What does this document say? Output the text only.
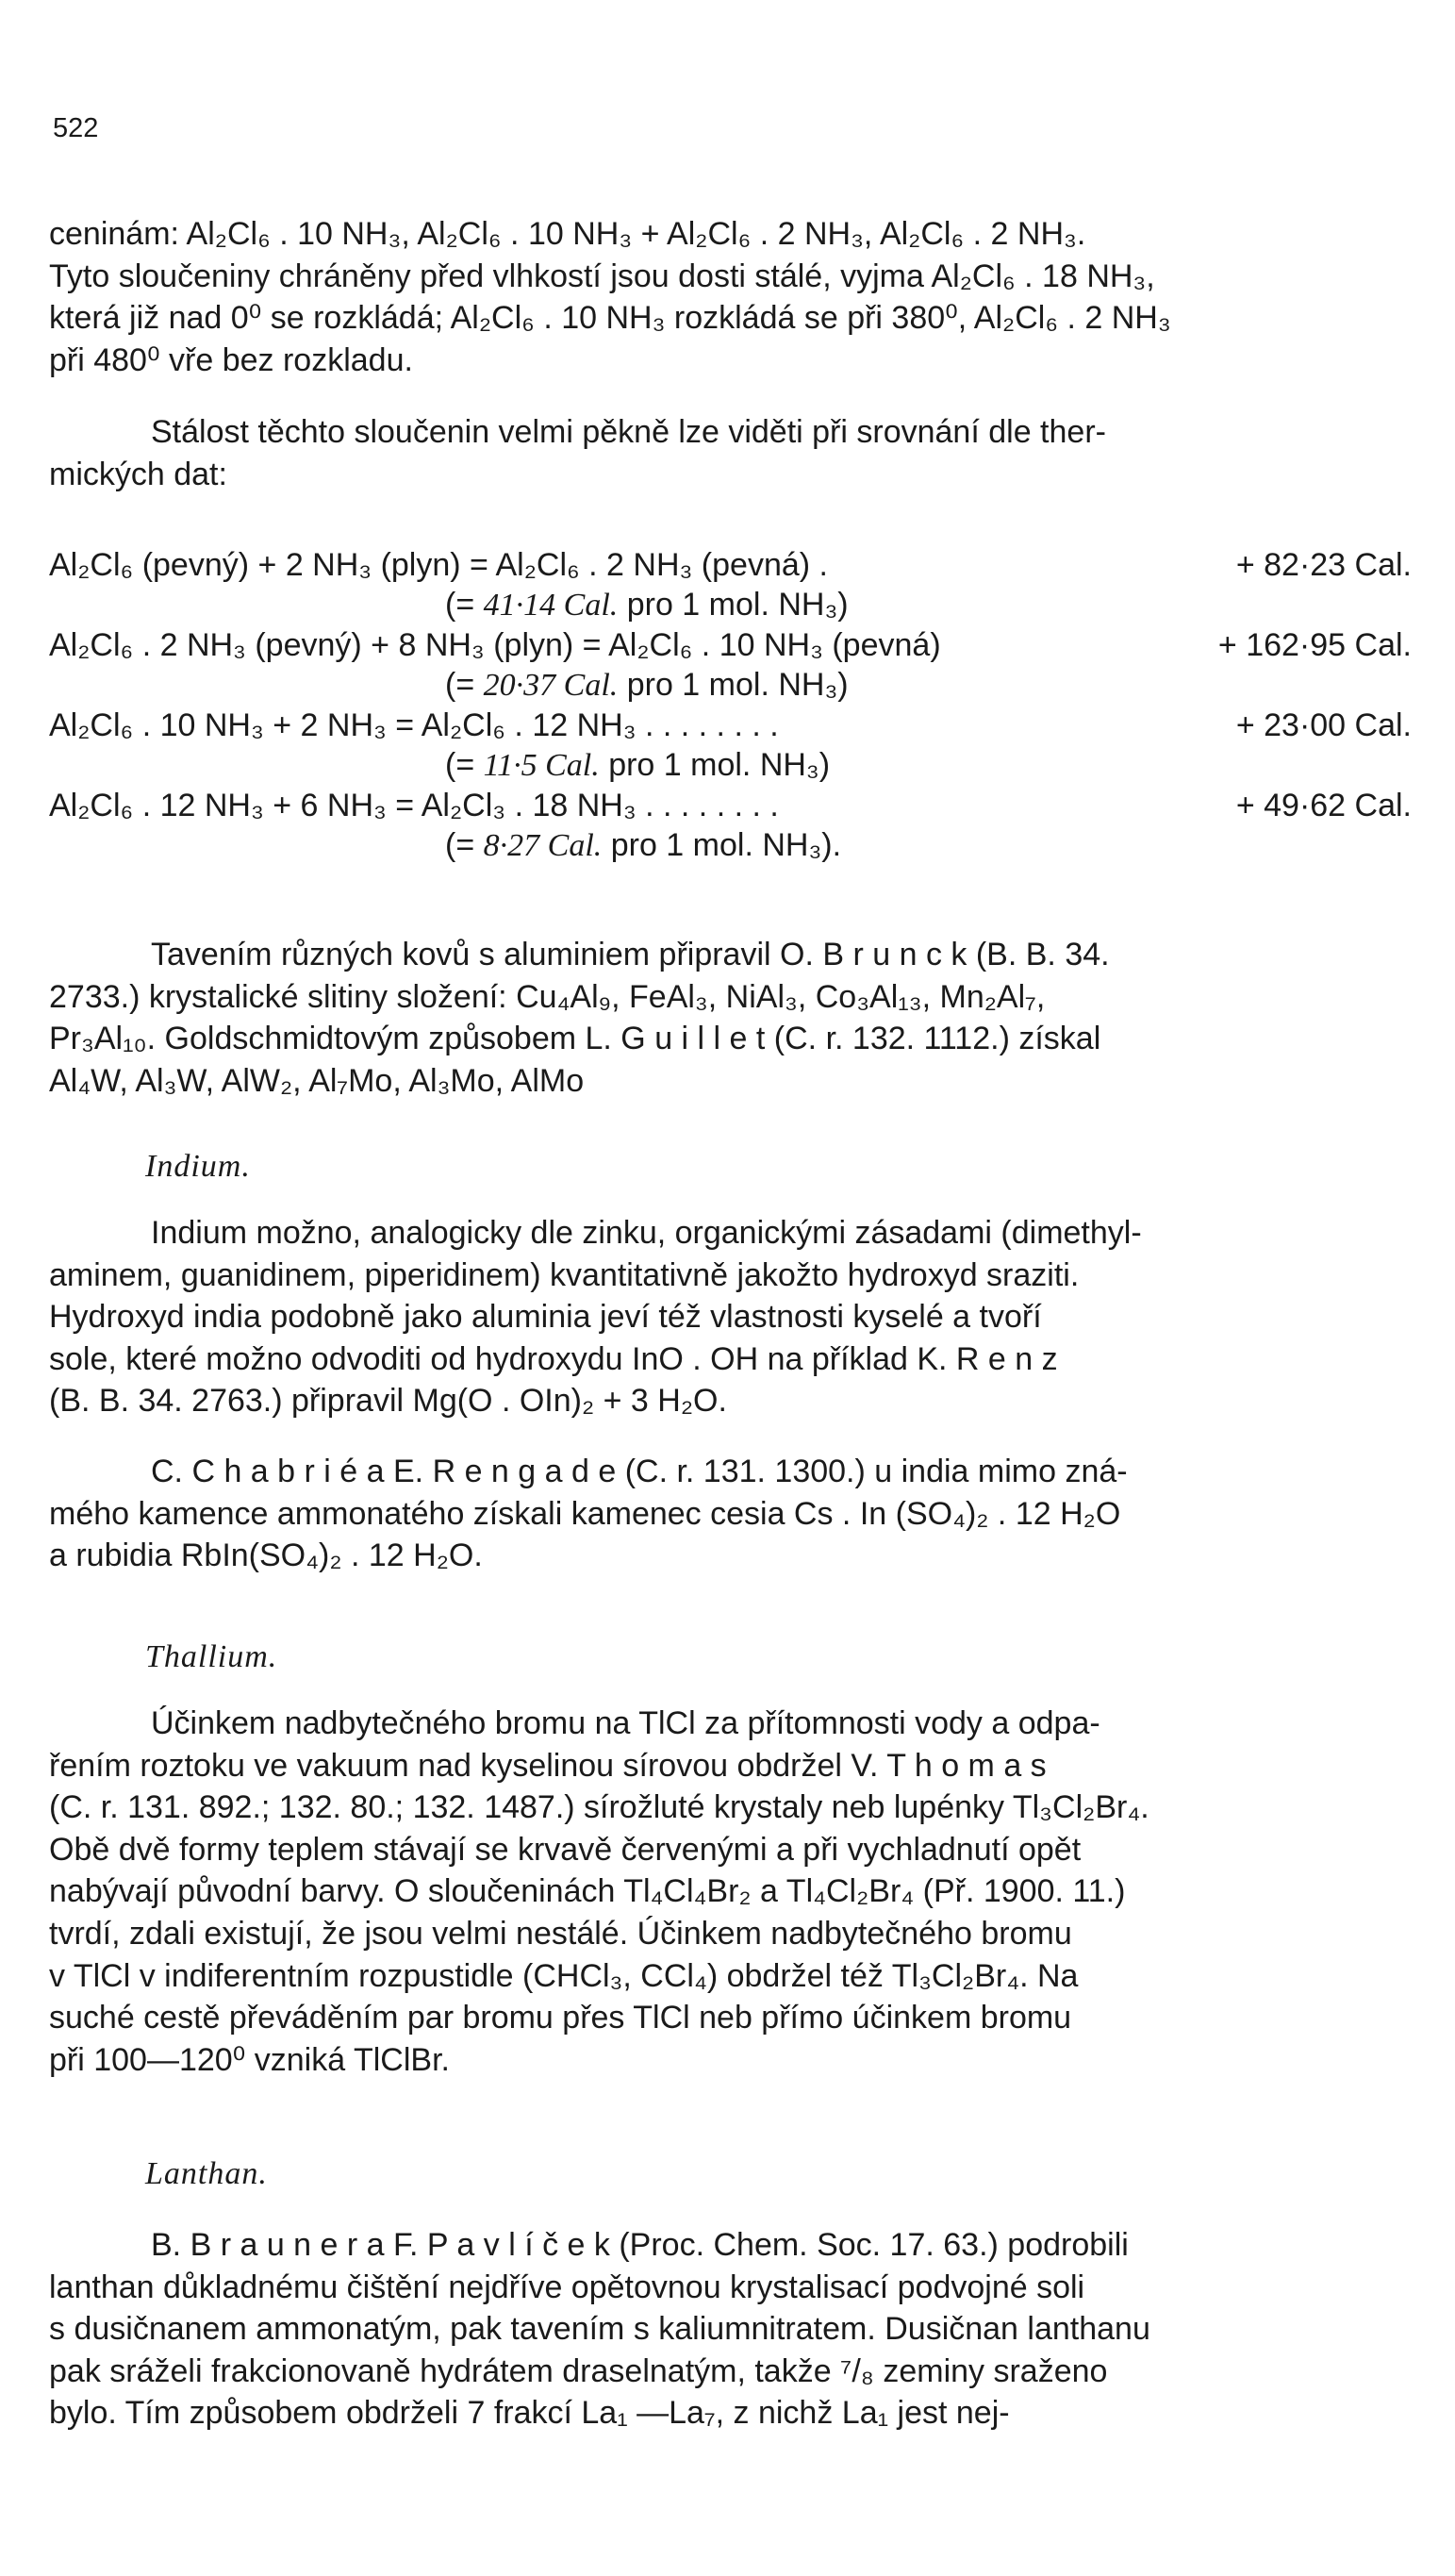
522

ceninám: Al₂Cl₆ . 10 NH₃, Al₂Cl₆ . 10 NH₃ + Al₂Cl₆ . 2 NH₃, Al₂Cl₆ . 2 NH₃.
Tyto sloučeniny chráněny před vlhkostí jsou dosti stálé, vyjma Al₂Cl₆ . 18 NH₃,
která již nad 0⁰ se rozkládá; Al₂Cl₆ . 10 NH₃ rozkládá se při 380⁰, Al₂Cl₆ . 2 NH₃
při 480⁰ vře bez rozkladu.

Stálost těchto sloučenin velmi pěkně lze viděti při srovnání dle ther-
mických dat:

Al₂Cl₆ (pevný) + 2 NH₃ (plyn) = Al₂Cl₆ . 2 NH₃ (pevná) .	+ 82·23 Cal.
(= 41·14 Cal. pro 1 mol. NH₃)
Al₂Cl₆ . 2 NH₃ (pevný) + 8 NH₃ (plyn) = Al₂Cl₆ . 10 NH₃ (pevná)	+ 162·95 Cal.
(= 20·37 Cal. pro 1 mol. NH₃)
Al₂Cl₆ . 10 NH₃ + 2 NH₃ = Al₂Cl₆ . 12 NH₃ . . . . . . . .	+ 23·00 Cal.
(= 11·5 Cal. pro 1 mol. NH₃)
Al₂Cl₆ . 12 NH₃ + 6 NH₃ = Al₂Cl₃ . 18 NH₃ . . . . . . . .	+ 49·62 Cal.
(= 8·27 Cal. pro 1 mol. NH₃).

Tavením různých kovů s aluminiem připravil O. B r u n c k (B. B. 34.
2733.) krystalické slitiny složení: Cu₄Al₉, FeAl₃, NiAl₃, Co₃Al₁₃, Mn₂Al₇,
Pr₃Al₁₀. Goldschmidtovým způsobem L. G u i l l e t (C. r. 132. 1112.) získal
Al₄W, Al₃W, AlW₂, Al₇Mo, Al₃Mo, AlMo

Indium.

Indium možno, analogicky dle zinku, organickými zásadami (dimethyl-
aminem, guanidinem, piperidinem) kvantitativně jakožto hydroxyd sraziti.
Hydroxyd india podobně jako aluminia jeví též vlastnosti kyselé a tvoří
sole, které možno odvoditi od hydroxydu InO . OH na příklad K. R e n z
(B. B. 34. 2763.) připravil Mg(O . OIn)₂ + 3 H₂O.

C. C h a b r i é a E. R e n g a d e (C. r. 131. 1300.) u india mimo zná-
mého kamence ammonatého získali kamenec cesia Cs . In (SO₄)₂ . 12 H₂O
a rubidia RbIn(SO₄)₂ . 12 H₂O.

Thallium.

Účinkem nadbytečného bromu na TlCl za přítomnosti vody a odpa-
řením roztoku ve vakuum nad kyselinou sírovou obdržel V. T h o m a s
(C. r. 131. 892.; 132. 80.; 132. 1487.) sírožluté krystaly neb lupénky Tl₃Cl₂Br₄.
Obě dvě formy teplem stávají se krvavě červenými a při vychladnutí opět
nabývají původní barvy. O sloučeninách Tl₄Cl₄Br₂ a Tl₄Cl₂Br₄ (Př. 1900. 11.)
tvrdí, zdali existují, že jsou velmi nestálé. Účinkem nadbytečného bromu
v TlCl v indiferentním rozpustidle (CHCl₃, CCl₄) obdržel též Tl₃Cl₂Br₄. Na
suché cestě převáděním par bromu přes TlCl neb přímo účinkem bromu
při 100—120⁰ vzniká TlClBr.

Lanthan.

B. B r a u n e r a F. P a v l í č e k (Proc. Chem. Soc. 17. 63.) podrobili
lanthan důkladnému čištění nejdříve opětovnou krystalisací podvojné soli
s dusičnanem ammonatým, pak tavením s kaliumnitratem. Dusičnan lanthanu
pak sráželi frakcionovaně hydrátem draselnatým, takže ⁷/₈ zeminy sraženo
bylo. Tím způsobem obdrželi 7 frakcí La₁ —La₇, z nichž La₁ jest nej-
